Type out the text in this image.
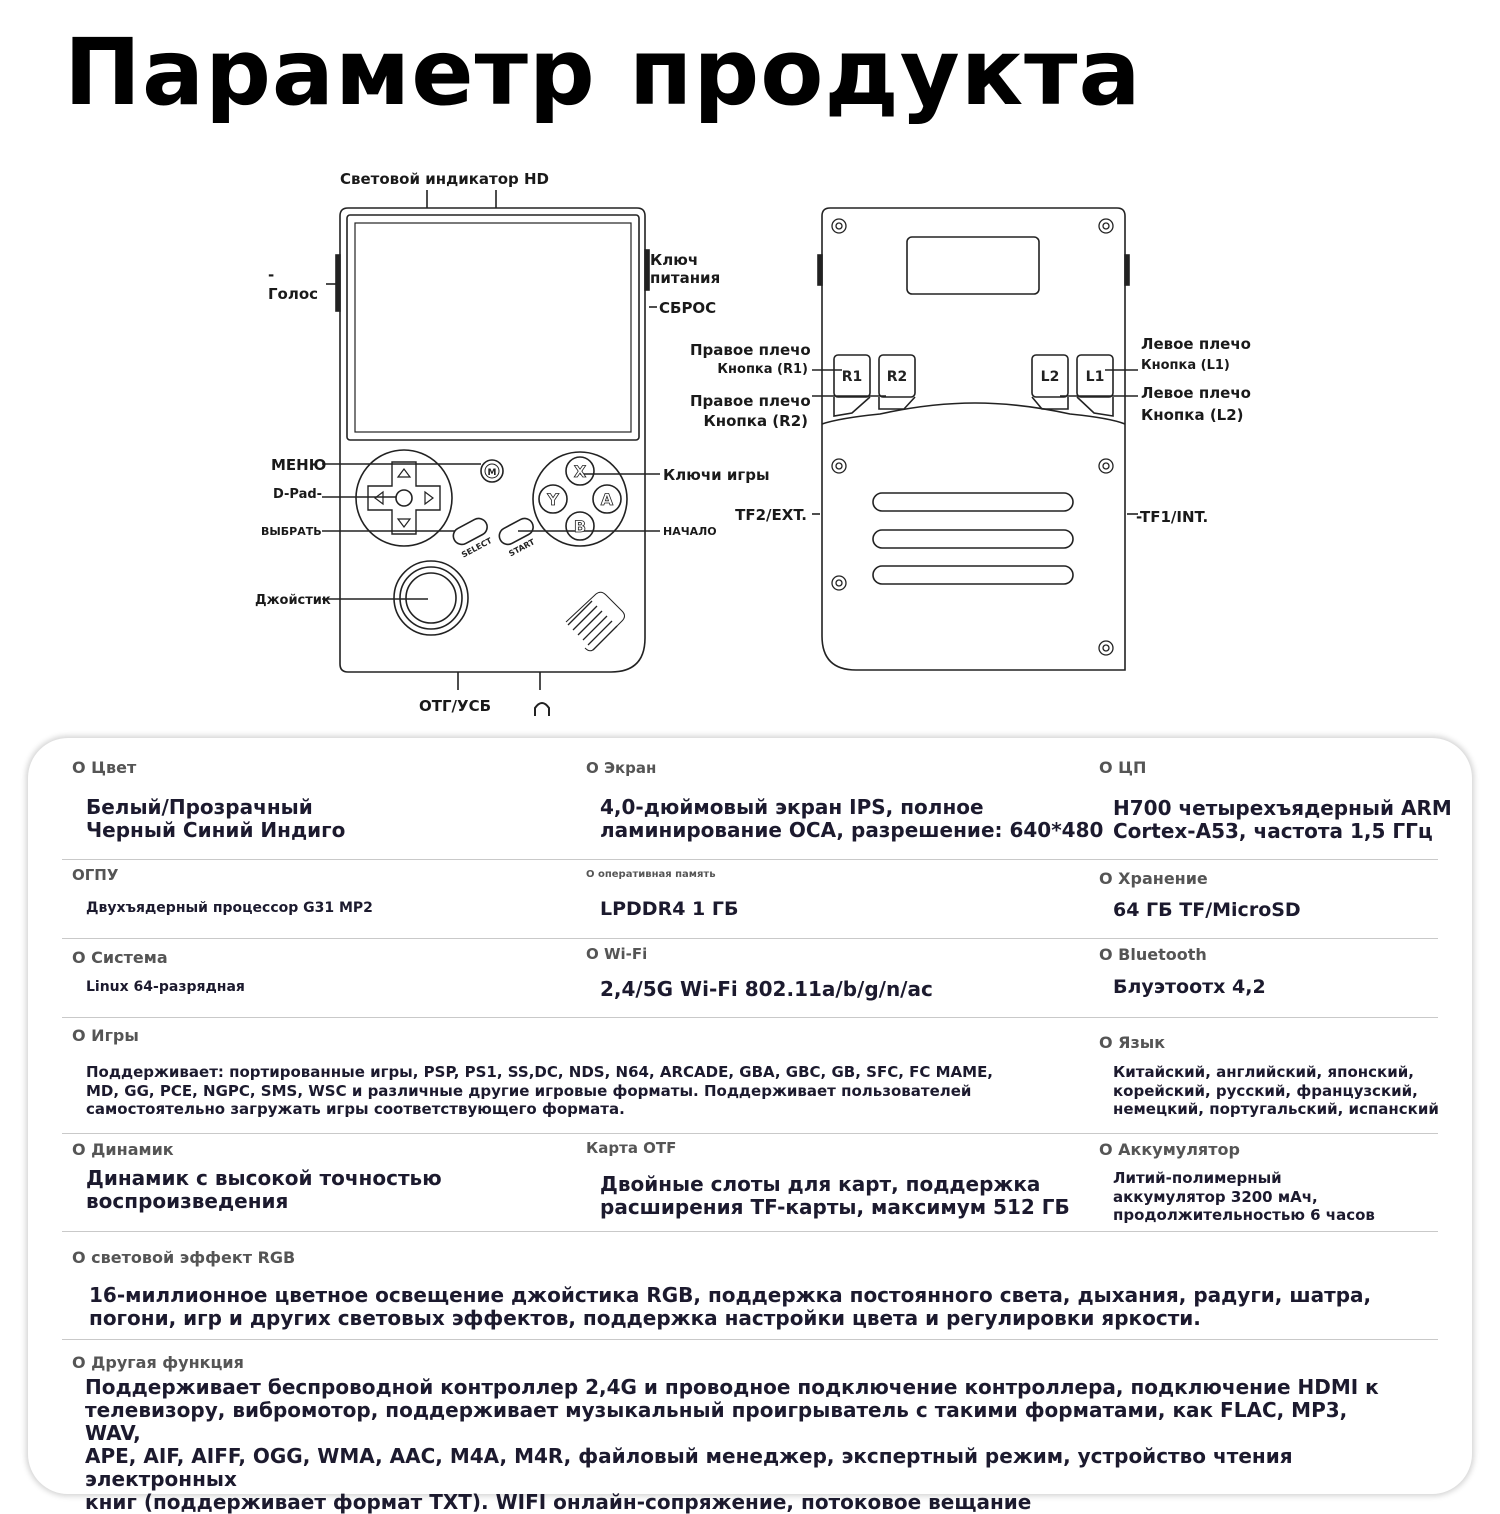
Параметр продукта
X
Y	A
B
M
SELECT START
R1 R2	L2 L1
Световой индикатор HD
-
Голос
Ключ
питания
СБРОС
МЕНЮ
D-Pad-
ВЫБРАТЬ
Джойстик
Ключи игры
НАЧАЛО
ОТГ/УСБ
Правое плечо
Кнопка (R1)
Правое плечо
Кнопка (R2)
Левое плечо
Кнопка (L1)
Левое плечо
Кнопка (L2)
TF2/EXT.	-TF1/INT.
О Цвет
Белый/Прозрачный
Черный Синий Индиго
О Экран
4,0-дюймовый экран IPS, полное
ламинирование OCA, разрешение: 640*480
О ЦП
H700 четырехъядерный ARM
Cortex-A53, частота 1,5 ГГц
ОГПУ
Двухъядерный процессор G31 MP2
О оперативная память
LPDDR4 1 ГБ
О Хранение
64 ГБ TF/MicroSD
О Система
Linux 64-разрядная
О Wi-Fi
2,4/5G Wi-Fi 802.11a/b/g/n/ac
О Bluetooth
Блуэтоотх 4,2
О Игры
Поддерживает: портированные игры, PSP, PS1, SS,DC, NDS, N64, ARCADE, GBA, GBC, GB, SFC, FC MAME,
MD, GG, PCE, NGPC, SMS, WSC и различные другие игровые форматы. Поддерживает пользователей
самостоятельно загружать игры соответствующего формата.
О Язык
Китайский, английский, японский,
корейский, русский, французский,
немецкий, португальский, испанский
О Динамик
Динамик с высокой точностью
воспроизведения
Карта OTF
Двойные слоты для карт, поддержка
расширения TF-карты, максимум 512 ГБ
О Аккумулятор
Литий-полимерный
аккумулятор 3200 мАч,
продолжительностью 6 часов
О световой эффект RGB
16-миллионное цветное освещение джойстика RGB, поддержка постоянного света, дыхания, радуги, шатра,
погони, игр и других световых эффектов, поддержка настройки цвета и регулировки яркости.
О Другая функция
Поддерживает беспроводной контроллер 2,4G и проводное подключение контроллера, подключение HDMI к
телевизору, вибромотор, поддерживает музыкальный проигрыватель с такими форматами, как FLAC, MP3, WAV,
APE, AIF, AIFF, OGG, WMA, AAC, M4A, M4R, файловый менеджер, экспертный режим, устройство чтения электронных
книг (поддерживает формат TXT). WIFI онлайн-сопряжение, потоковое вещание
